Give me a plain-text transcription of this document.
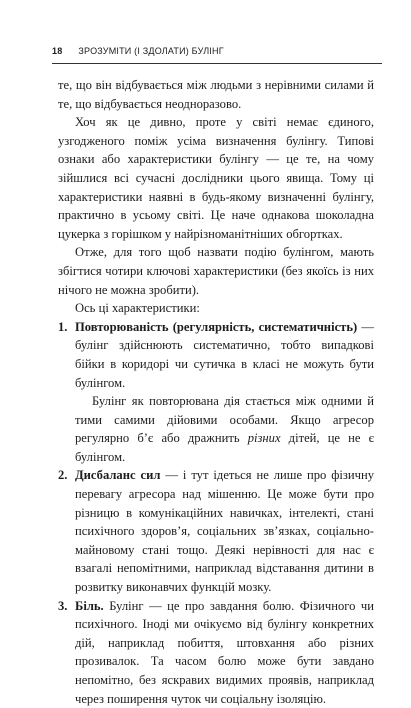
18 ЗРОЗУМІТИ (І ЗДОЛАТИ) БУЛІНГ

те, що він відбувається між людьми з нерівними силами й те, що відбувається неодноразово.

Хоч як це дивно, проте у світі немає єдиного, узгодженого поміж усіма визначення булінгу. Типові ознаки або характеристики булінгу — це те, на чому зійшлися всі сучасні дослідники цього явища. Тому ці характеристики наявні в будь-якому визначенні булінгу, практично в усьому світі. Це наче однакова шоколадна цукерка з горішком у найрізноманітніших обгортках.

Отже, для того щоб назвати подію булінгом, мають збігтися чотири ключові характеристики (без якоїсь із них нічого не можна зробити).

Ось ці характеристики:

1. Повторюваність (регулярність, систематичність) — булінг здійснюють систематично, тобто випадкові бійки в коридорі чи сутичка в класі не можуть бути булінгом.

Булінг як повторювана дія стається між одними й тими самими дійовими особами. Якщо агресор регулярно б’є або дражнить різних дітей, це не є булінгом.

2. Дисбаланс сил — і тут ідеться не лише про фізичну перевагу агресора над мішенню. Це може бути про різницю в комунікаційних навичках, інтелекті, стані психічного здоров’я, соціальних зв’язках, соціально-майновому стані тощо. Деякі нерівності для нас є взагалі непомітними, наприклад відставання дитини в розвитку виконавчих функцій мозку.
3. Біль. Булінг — це про завдання болю. Фізичного чи психічного. Іноді ми очікуємо від булінгу конкретних дій, наприклад побиття, штовхання або різних прозивалок. Та часом болю може бути завдано непомітно, без яскравих видимих проявів, наприклад через поширення чуток чи соціальну ізоляцію.
